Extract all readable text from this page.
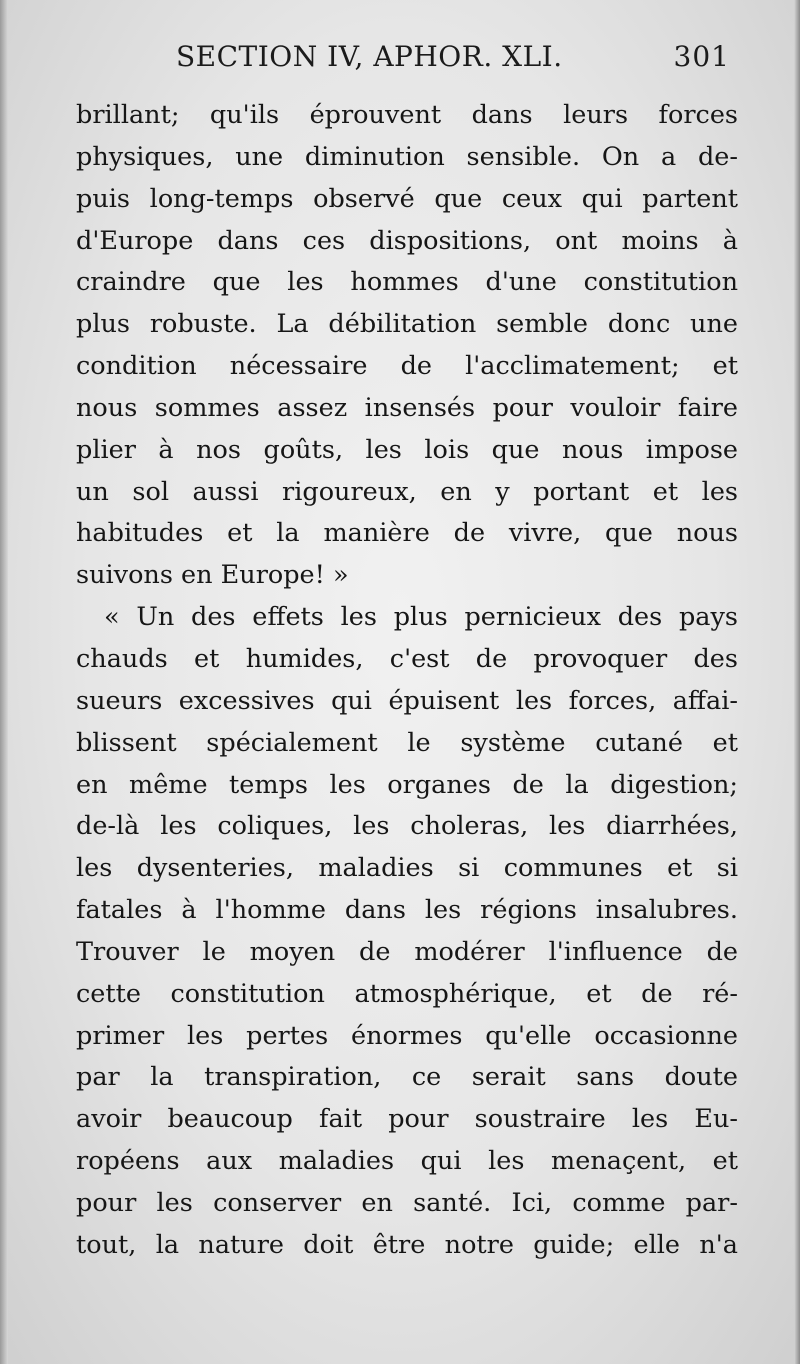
SECTION IV, APHOR. XLI.	301
brillant; qu'ils éprouvent dans leurs forces
physiques, une diminution sensible. On a de-
puis long-temps observé que ceux qui partent
d'Europe dans ces dispositions, ont moins à
craindre que les hommes d'une constitution
plus robuste. La débilitation semble donc une
condition nécessaire de l'acclimatement; et
nous sommes assez insensés pour vouloir faire
plier à nos goûts, les lois que nous impose
un sol aussi rigoureux, en y portant et les
habitudes et la manière de vivre, que nous
suivons en Europe! »
« Un des effets les plus pernicieux des pays
chauds et humides, c'est de provoquer des
sueurs excessives qui épuisent les forces, affai-
blissent spécialement le système cutané et
en même temps les organes de la digestion;
de-là les coliques, les choleras, les diarrhées,
les dysenteries, maladies si communes et si
fatales à l'homme dans les régions insalubres.
Trouver le moyen de modérer l'influence de
cette constitution atmosphérique, et de ré-
primer les pertes énormes qu'elle occasionne
par la transpiration, ce serait sans doute
avoir beaucoup fait pour soustraire les Eu-
ropéens aux maladies qui les menaçent, et
pour les conserver en santé. Ici, comme par-
tout, la nature doit être notre guide; elle n'a
